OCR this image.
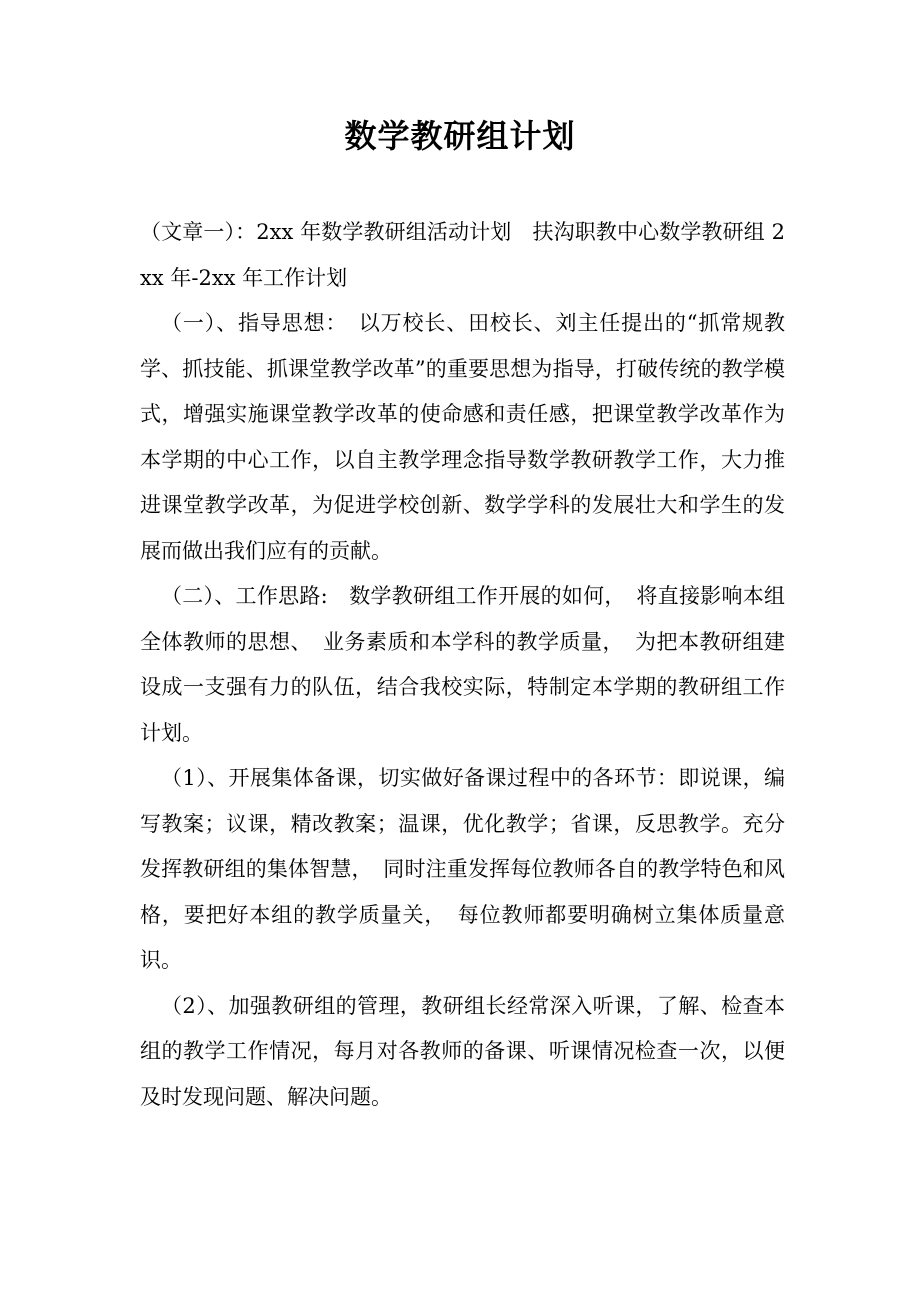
数学教研组计划

（文章一）：2xx 年数学教研组活动计划　扶沟职教中心数学教研组 2xx 年-2xx 年工作计划

（一）、指导思想：　以万校长、田校长、刘主任提出的“抓常规教学、抓技能、抓课堂教学改革”的重要思想为指导，打破传统的教学模式，增强实施课堂教学改革的使命感和责任感，把课堂教学改革作为本学期的中心工作，以自主教学理念指导数学教研教学工作，大力推进课堂教学改革，为促进学校创新、数学学科的发展壮大和学生的发展而做出我们应有的贡献。

（二）、工作思路:　数学教研组工作开展的如何，　将直接影响本组全体教师的思想、　业务素质和本学科的教学质量，　为把本教研组建设成一支强有力的队伍，结合我校实际，特制定本学期的教研组工作计划。

（1）、开展集体备课，切实做好备课过程中的各环节：即说课，编写教案；议课，精改教案；温课，优化教学；省课，反思教学。充分发挥教研组的集体智慧，　同时注重发挥每位教师各自的教学特色和风格，要把好本组的教学质量关，　每位教师都要明确树立集体质量意识。

（2）、加强教研组的管理，教研组长经常深入听课，了解、检查本组的教学工作情况，每月对各教师的备课、听课情况检查一次，以便及时发现问题、解决问题。
